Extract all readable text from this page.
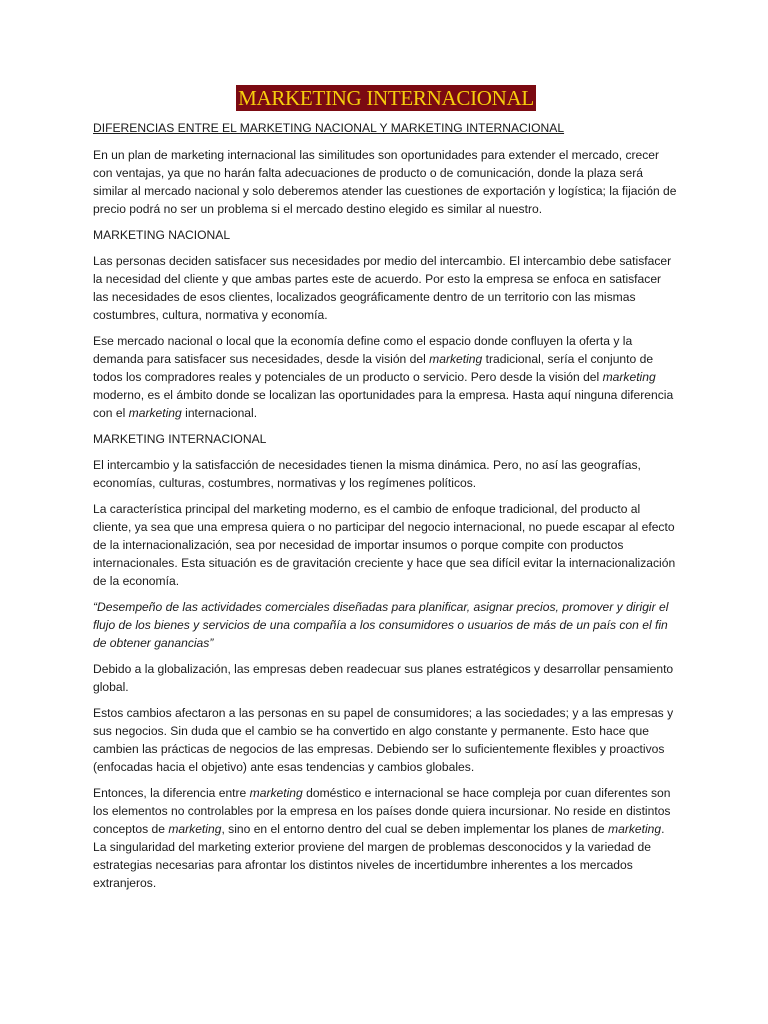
MARKETING INTERNACIONAL
DIFERENCIAS ENTRE EL MARKETING NACIONAL Y MARKETING INTERNACIONAL

En un plan de marketing internacional las similitudes son oportunidades para extender el mercado, crecer con ventajas, ya que no harán falta adecuaciones de producto o de comunicación, donde la plaza será similar al mercado nacional y solo deberemos atender las cuestiones de exportación y logística; la fijación de precio podrá no ser un problema si el mercado destino elegido es similar al nuestro.

MARKETING NACIONAL

Las personas deciden satisfacer sus necesidades por medio del intercambio. El intercambio debe satisfacer la necesidad del cliente y que ambas partes este de acuerdo. Por esto la empresa se enfoca en satisfacer las necesidades de esos clientes, localizados geográficamente dentro de un territorio con las mismas costumbres, cultura, normativa y economía.

Ese mercado nacional o local que la economía define como el espacio donde confluyen la oferta y la demanda para satisfacer sus necesidades, desde la visión del marketing tradicional, sería el conjunto de todos los compradores reales y potenciales de un producto o servicio. Pero desde la visión del marketing moderno, es el ámbito donde se localizan las oportunidades para la empresa. Hasta aquí ninguna diferencia con el marketing internacional.

MARKETING INTERNACIONAL

El intercambio y la satisfacción de necesidades tienen la misma dinámica. Pero, no así las geografías, economías, culturas, costumbres, normativas y los regímenes políticos.

La característica principal del marketing moderno, es el cambio de enfoque tradicional, del producto al cliente, ya sea que una empresa quiera o no participar del negocio internacional, no puede escapar al efecto de la internacionalización, sea por necesidad de importar insumos o porque compite con productos internacionales. Esta situación es de gravitación creciente y hace que sea difícil evitar la internacionalización de la economía.

“Desempeño de las actividades comerciales diseñadas para planificar, asignar precios, promover y dirigir el flujo de los bienes y servicios de una compañía a los consumidores o usuarios de más de un país con el fin de obtener ganancias”

Debido a la globalización, las empresas deben readecuar sus planes estratégicos y desarrollar pensamiento global.

Estos cambios afectaron a las personas en su papel de consumidores; a las sociedades; y a las empresas y sus negocios. Sin duda que el cambio se ha convertido en algo constante y permanente. Esto hace que cambien las prácticas de negocios de las empresas. Debiendo ser lo suficientemente flexibles y proactivos (enfocadas hacia el objetivo) ante esas tendencias y cambios globales.

Entonces, la diferencia entre marketing doméstico e internacional se hace compleja por cuan diferentes son los elementos no controlables por la empresa en los países donde quiera incursionar. No reside en distintos conceptos de marketing, sino en el entorno dentro del cual se deben implementar los planes de marketing. La singularidad del marketing exterior proviene del margen de problemas desconocidos y la variedad de estrategias necesarias para afrontar los distintos niveles de incertidumbre inherentes a los mercados extranjeros.
